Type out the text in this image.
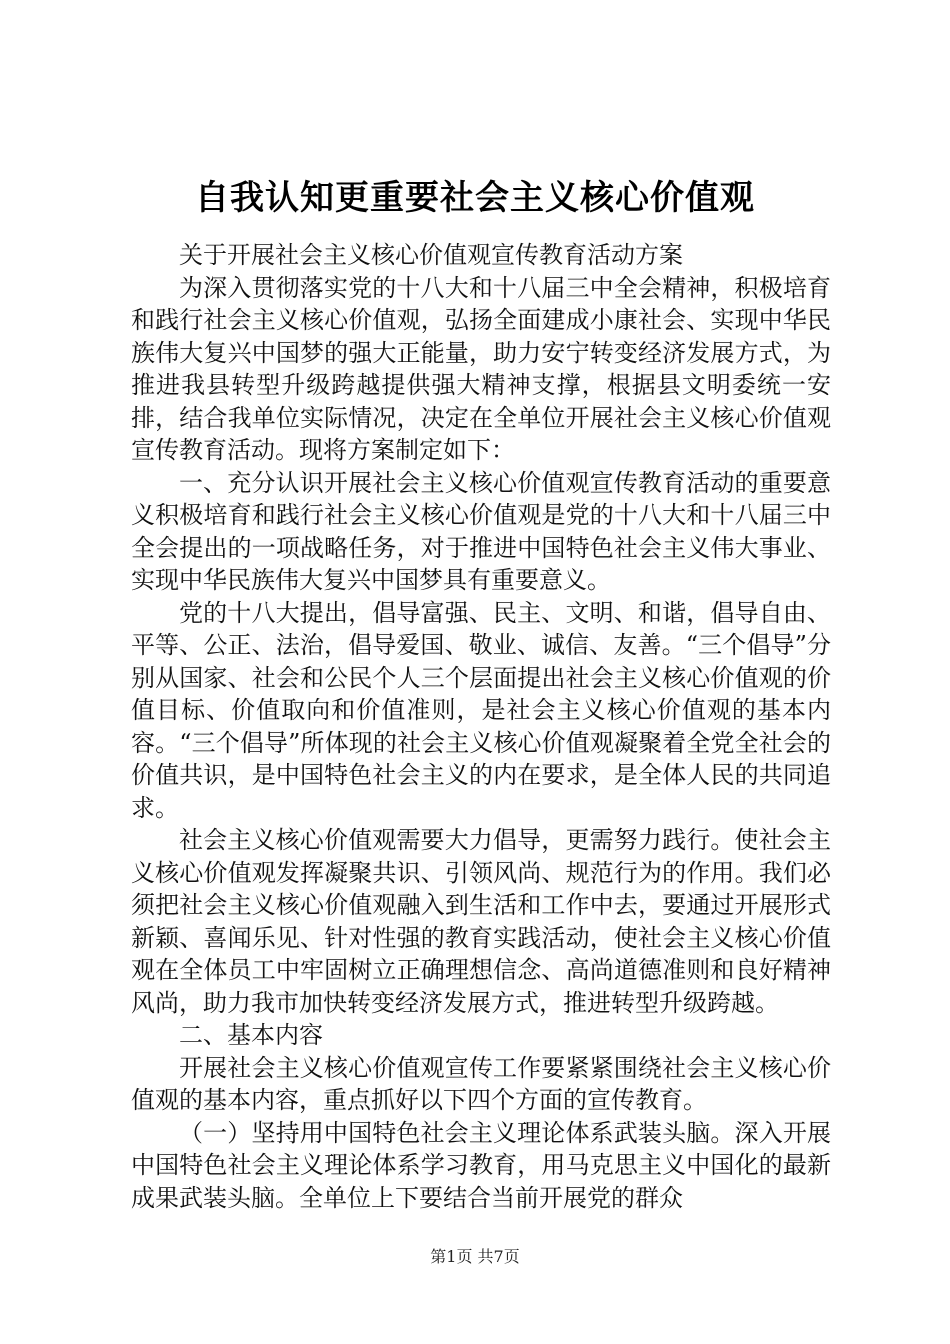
自我认知更重要社会主义核心价值观

关于开展社会主义核心价值观宣传教育活动方案

为深入贯彻落实党的十八大和十八届三中全会精神，积极培育和践行社会主义核心价值观，弘扬全面建成小康社会、实现中华民族伟大复兴中国梦的强大正能量，助力安宁转变经济发展方式，为推进我县转型升级跨越提供强大精神支撑，根据县文明委统一安排，结合我单位实际情况，决定在全单位开展社会主义核心价值观宣传教育活动。现将方案制定如下：

一、充分认识开展社会主义核心价值观宣传教育活动的重要意义积极培育和践行社会主义核心价值观是党的十八大和十八届三中全会提出的一项战略任务，对于推进中国特色社会主义伟大事业、实现中华民族伟大复兴中国梦具有重要意义。

党的十八大提出，倡导富强、民主、文明、和谐，倡导自由、平等、公正、法治，倡导爱国、敬业、诚信、友善。“三个倡导”分别从国家、社会和公民个人三个层面提出社会主义核心价值观的价值目标、价值取向和价值准则，是社会主义核心价值观的基本内容。“三个倡导”所体现的社会主义核心价值观凝聚着全党全社会的价值共识，是中国特色社会主义的内在要求，是全体人民的共同追求。

社会主义核心价值观需要大力倡导，更需努力践行。使社会主义核心价值观发挥凝聚共识、引领风尚、规范行为的作用。我们必须把社会主义核心价值观融入到生活和工作中去，要通过开展形式新颖、喜闻乐见、针对性强的教育实践活动，使社会主义核心价值观在全体员工中牢固树立正确理想信念、高尚道德准则和良好精神风尚，助力我市加快转变经济发展方式，推进转型升级跨越。

二、基本内容

开展社会主义核心价值观宣传工作要紧紧围绕社会主义核心价值观的基本内容，重点抓好以下四个方面的宣传教育。

（一）坚持用中国特色社会主义理论体系武装头脑。深入开展中国特色社会主义理论体系学习教育，用马克思主义中国化的最新成果武装头脑。全单位上下要结合当前开展党的群众

第1页 共7页
